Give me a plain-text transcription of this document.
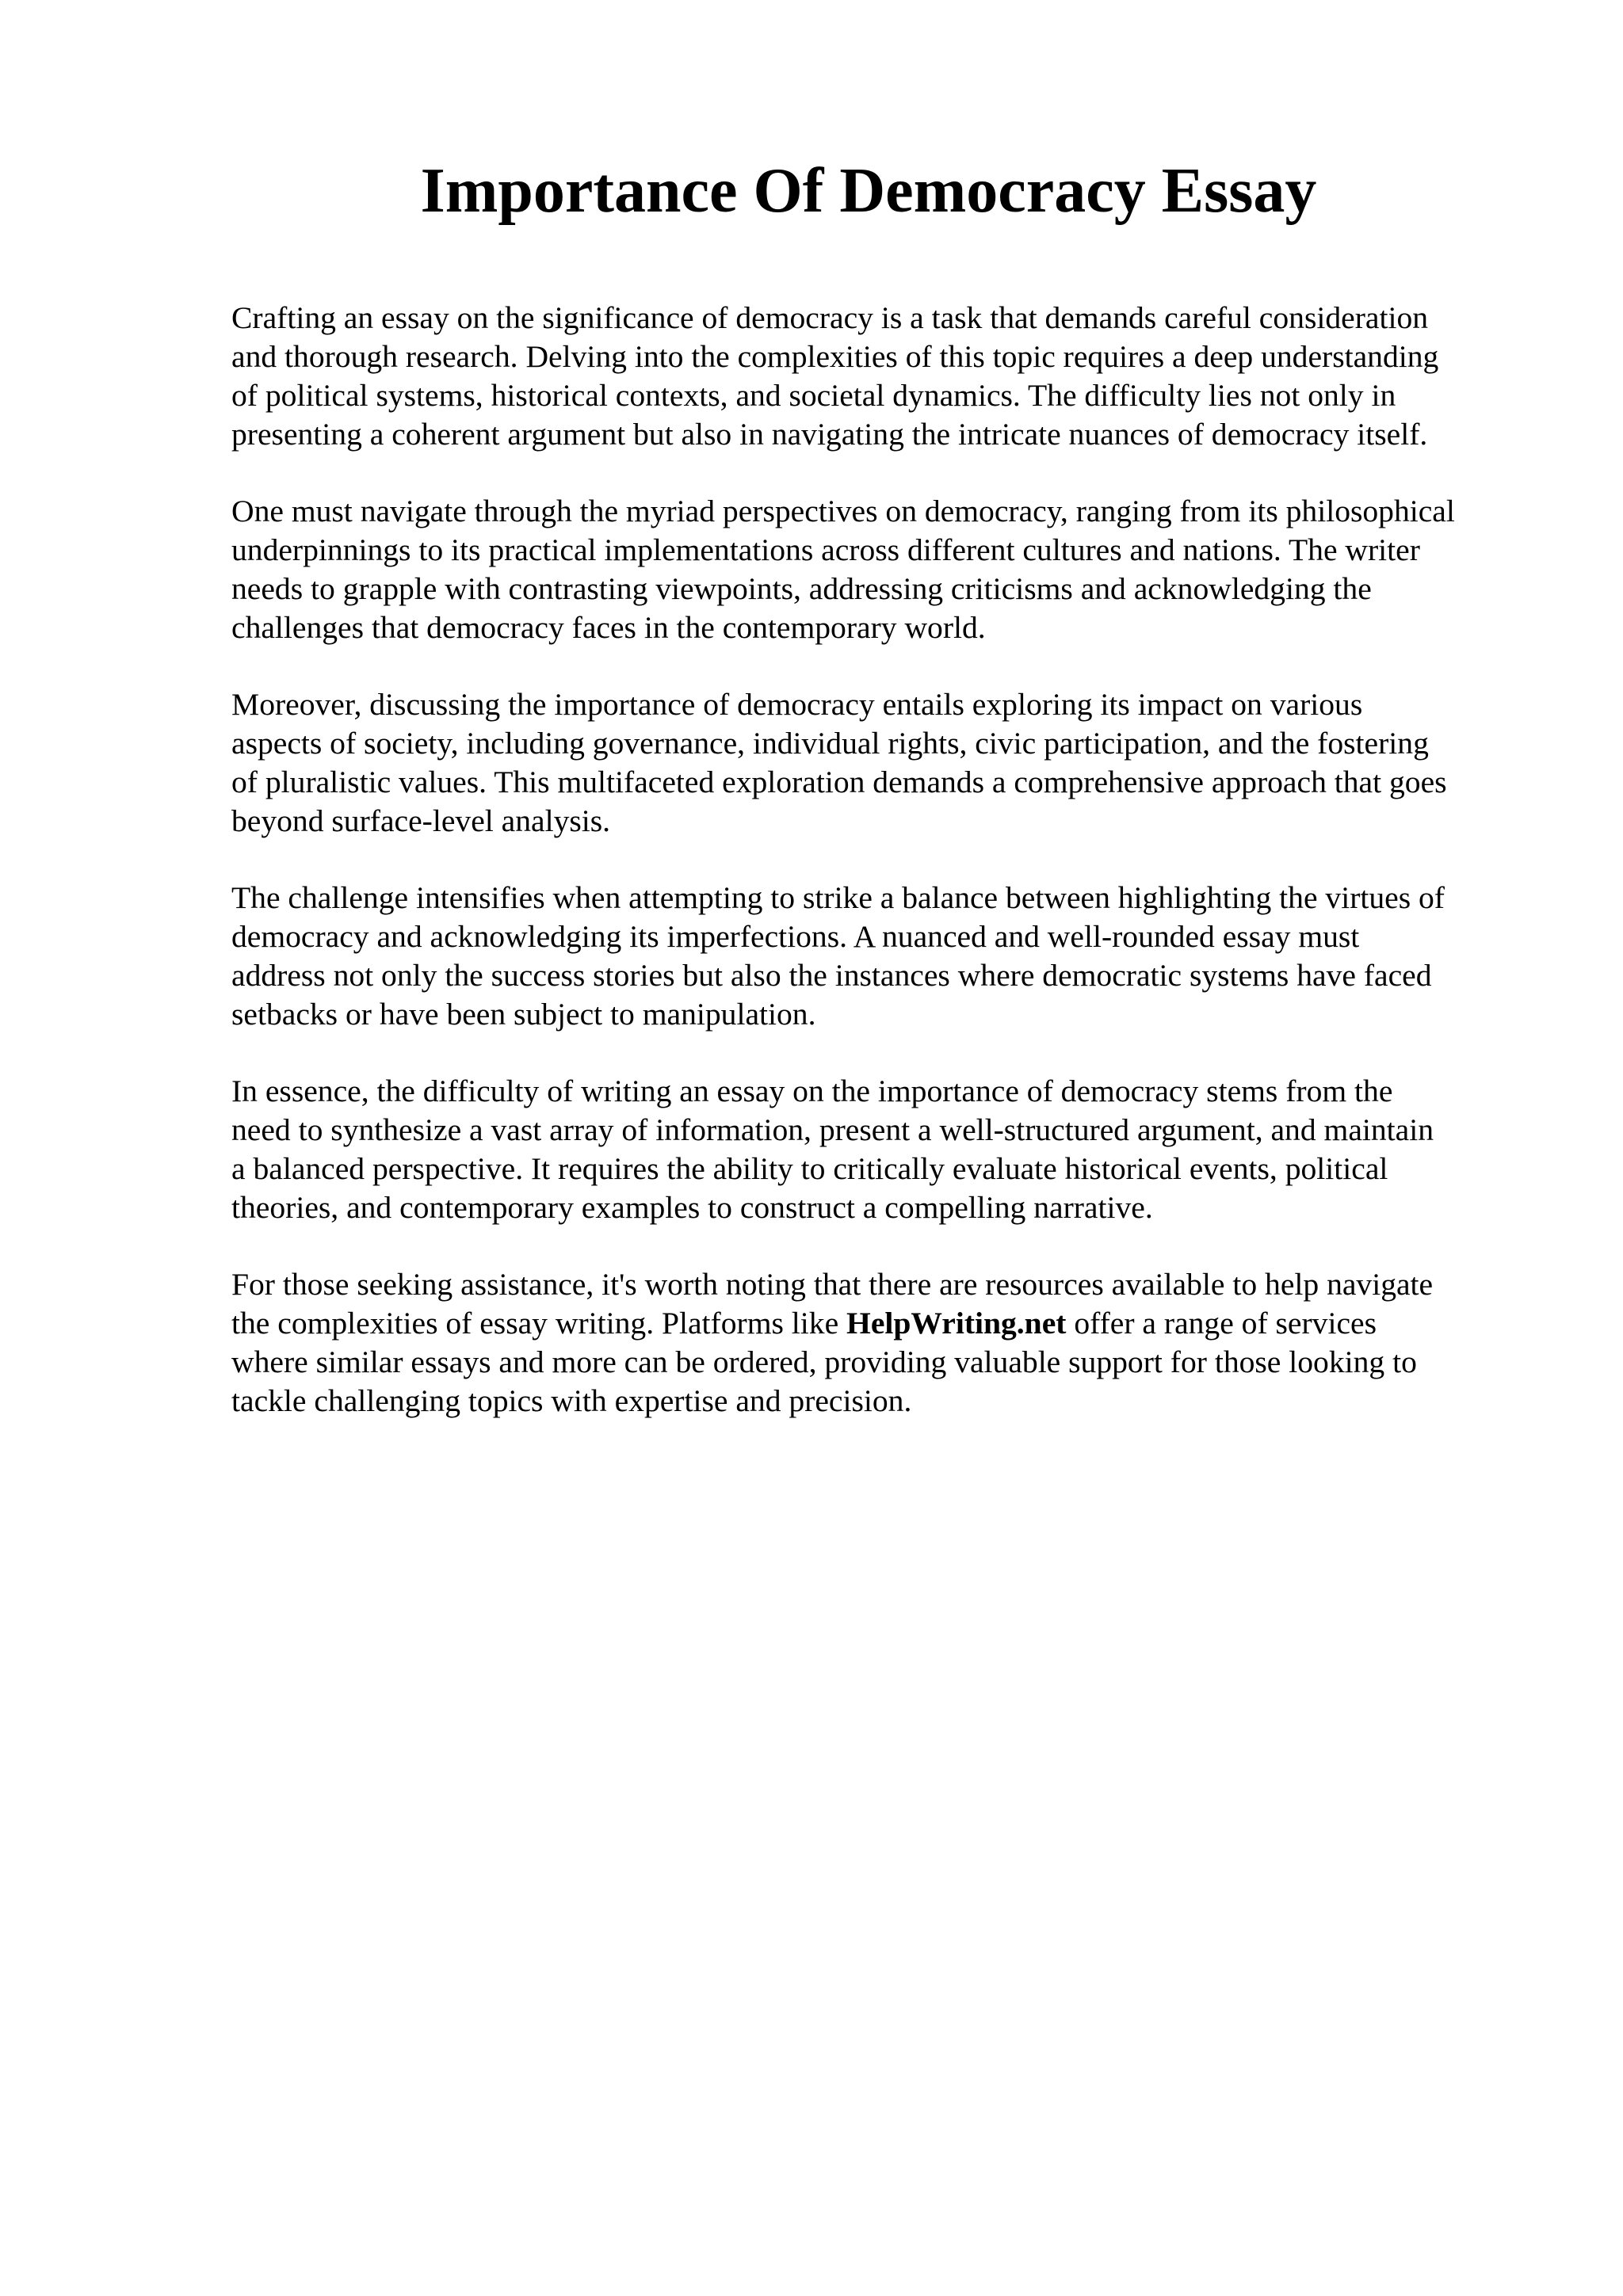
Importance Of Democracy Essay

Crafting an essay on the significance of democracy is a task that demands careful consideration
and thorough research. Delving into the complexities of this topic requires a deep understanding
of political systems, historical contexts, and societal dynamics. The difficulty lies not only in
presenting a coherent argument but also in navigating the intricate nuances of democracy itself.

One must navigate through the myriad perspectives on democracy, ranging from its philosophical
underpinnings to its practical implementations across different cultures and nations. The writer
needs to grapple with contrasting viewpoints, addressing criticisms and acknowledging the
challenges that democracy faces in the contemporary world.

Moreover, discussing the importance of democracy entails exploring its impact on various
aspects of society, including governance, individual rights, civic participation, and the fostering
of pluralistic values. This multifaceted exploration demands a comprehensive approach that goes
beyond surface-level analysis.

The challenge intensifies when attempting to strike a balance between highlighting the virtues of
democracy and acknowledging its imperfections. A nuanced and well-rounded essay must
address not only the success stories but also the instances where democratic systems have faced
setbacks or have been subject to manipulation.

In essence, the difficulty of writing an essay on the importance of democracy stems from the
need to synthesize a vast array of information, present a well-structured argument, and maintain
a balanced perspective. It requires the ability to critically evaluate historical events, political
theories, and contemporary examples to construct a compelling narrative.

For those seeking assistance, it's worth noting that there are resources available to help navigate
the complexities of essay writing. Platforms like HelpWriting.net offer a range of services
where similar essays and more can be ordered, providing valuable support for those looking to
tackle challenging topics with expertise and precision.
